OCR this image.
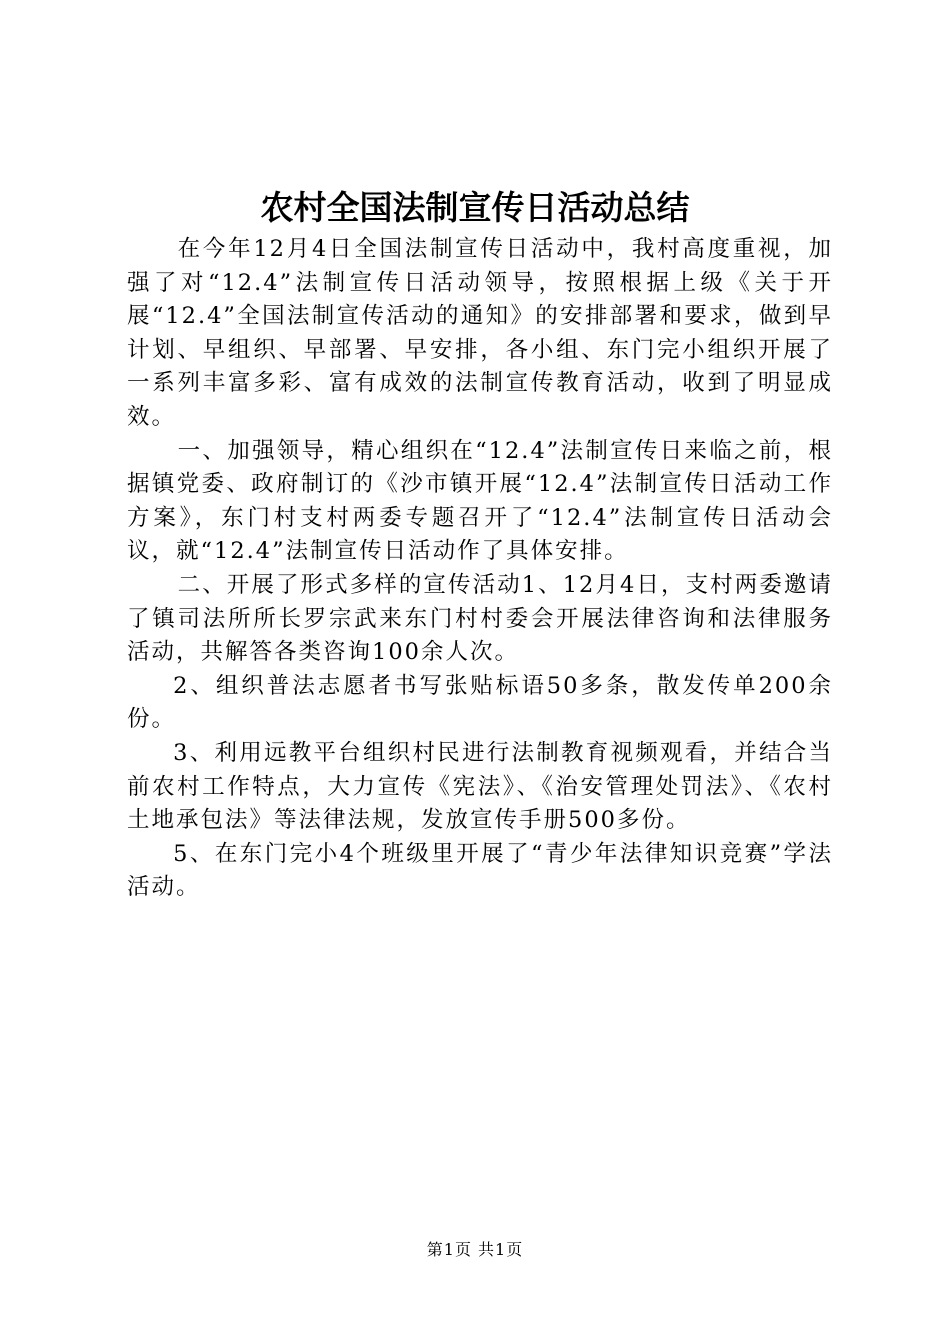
农村全国法制宣传日活动总结

在今年12月4日全国法制宣传日活动中，我村高度重视，加强了对“12.4”法制宣传日活动领导，按照根据上级《关于开展“12.4”全国法制宣传活动的通知》的安排部署和要求，做到早计划、早组织、早部署、早安排，各小组、东门完小组织开展了一系列丰富多彩、富有成效的法制宣传教育活动，收到了明显成效。

一、加强领导，精心组织在“12.4”法制宣传日来临之前，根据镇党委、政府制订的《沙市镇开展“12.4”法制宣传日活动工作方案》，东门村支村两委专题召开了“12.4”法制宣传日活动会议，就“12.4”法制宣传日活动作了具体安排。

二、开展了形式多样的宣传活动1、12月4日，支村两委邀请了镇司法所所长罗宗武来东门村村委会开展法律咨询和法律服务活动，共解答各类咨询100余人次。

2、组织普法志愿者书写张贴标语50多条，散发传单200余份。

3、利用远教平台组织村民进行法制教育视频观看，并结合当前农村工作特点，大力宣传《宪法》、《治安管理处罚法》、《农村土地承包法》等法律法规，发放宣传手册500多份。

5、在东门完小4个班级里开展了“青少年法律知识竞赛”学法活动。

第1页 共1页
